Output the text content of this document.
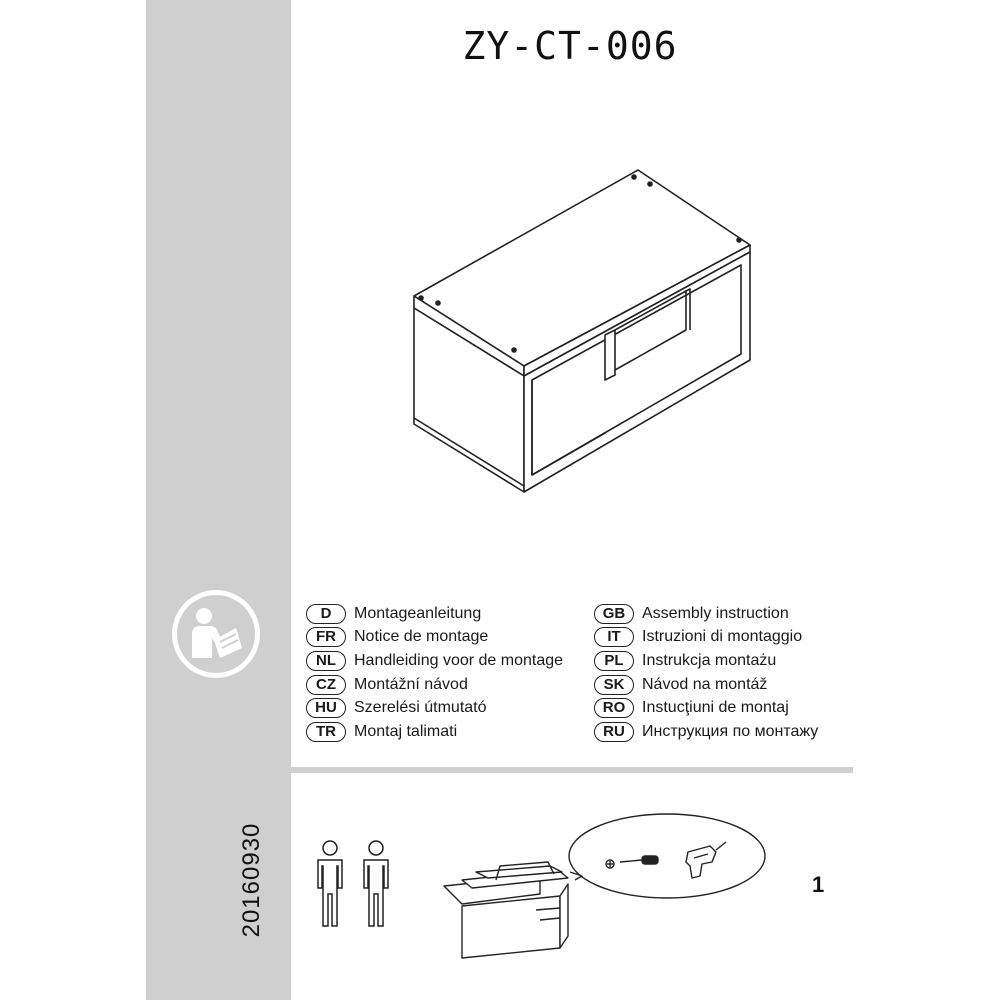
ZY-CT-006
D	Montageanleitung
FR	Notice de montage
NL	Handleiding voor de montage
CZ	Montážní návod
HU	Szerelési útmutató
TR	Montaj talimati
GB	Assembly instruction
IT	Istruzioni di montaggio
PL	Instrukcja montażu
SK	Návod na montáž
RO	Instucţiuni de montaj
RU	Инструкция по монтажу
20160930	1
